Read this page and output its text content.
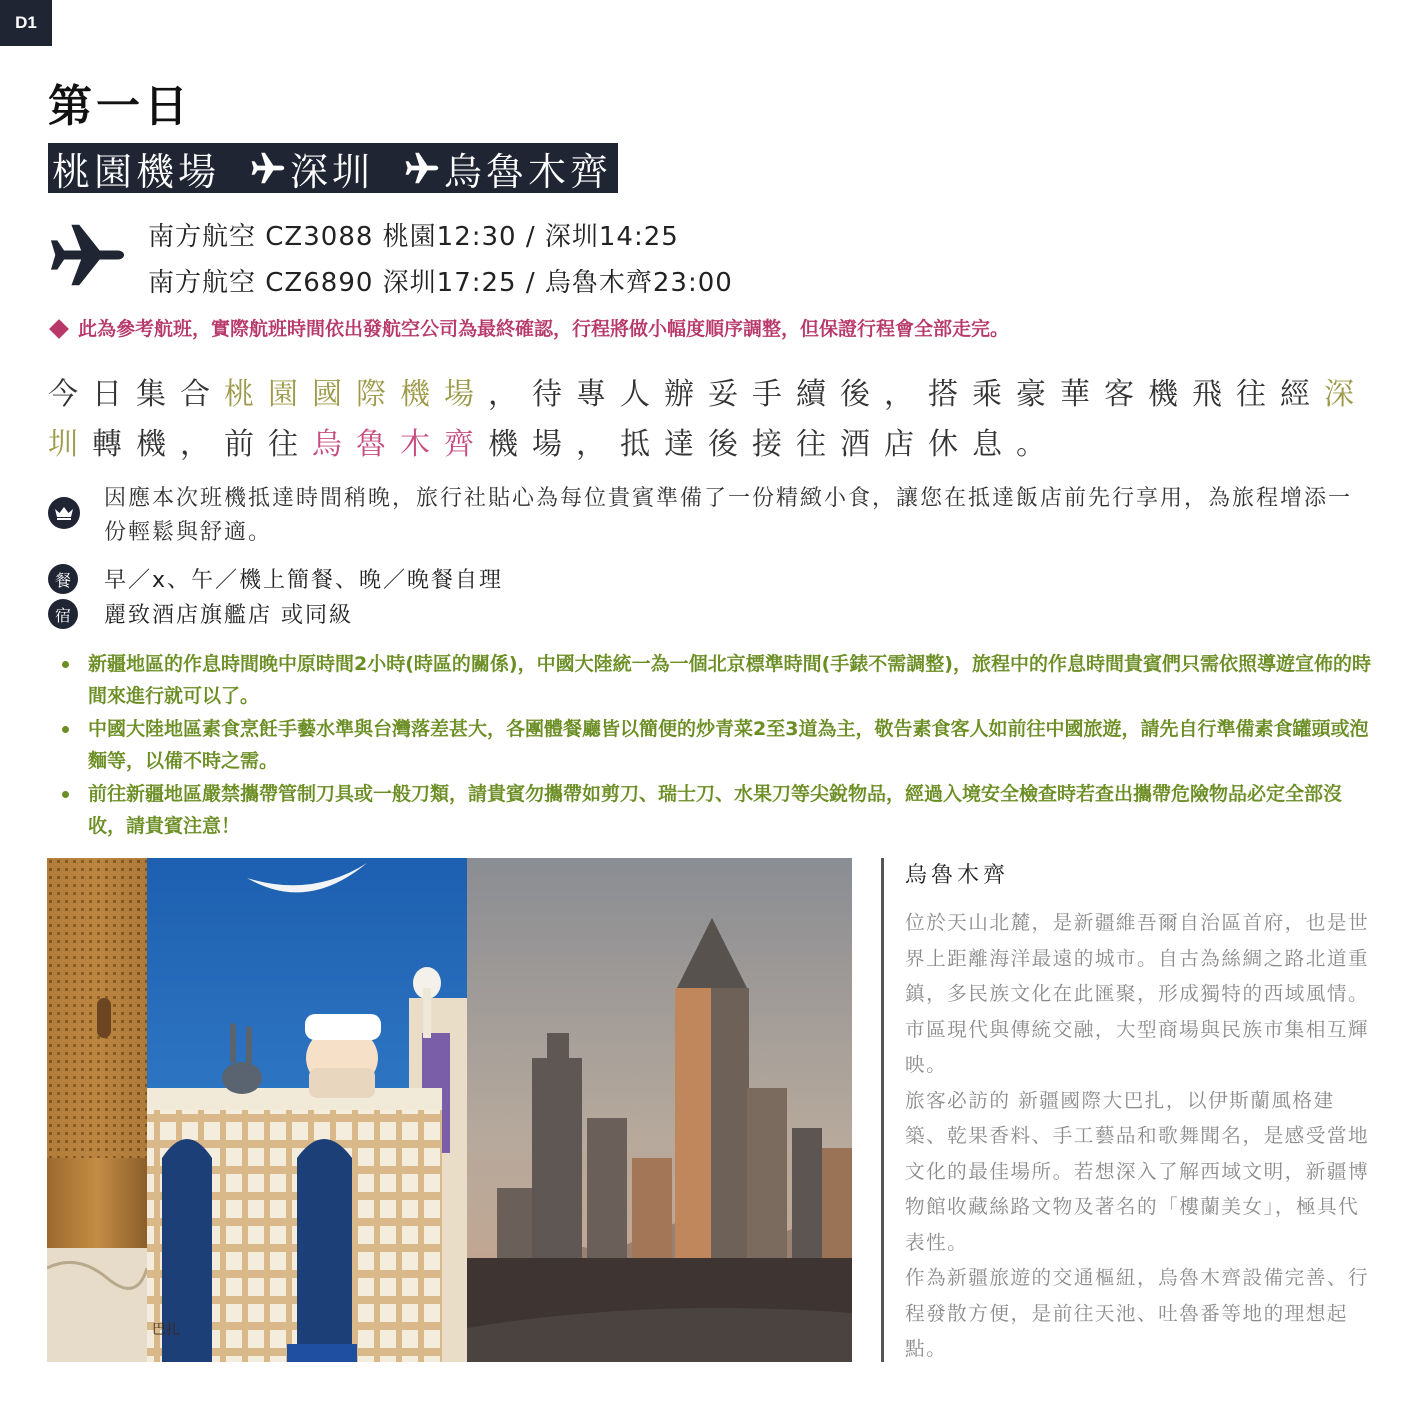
D1
第一日
桃園機場 深圳 烏魯木齊
南方航空 CZ3088 桃園12:30 / 深圳14:25
南方航空 CZ6890 深圳17:25 / 烏魯木齊23:00
此為參考航班，實際航班時間依出發航空公司為最終確認，行程將做小幅度順序調整，但保證行程會全部走完。

今日集合桃園國際機場，待專人辦妥手續後，搭乘豪華客機飛往經深圳轉機，前往烏魯木齊機場，抵達後接往酒店休息。

因應本次班機抵達時間稍晚，旅行社貼心為每位貴賓準備了一份精緻小食，讓您在抵達飯店前先行享用，為旅程增添一份輕鬆與舒適。

餐	早／x、午／機上簡餐、晚／晚餐自理
宿	麗致酒店旗艦店 或同級
新疆地區的作息時間晚中原時間2小時(時區的關係)，中國大陸統一為一個北京標準時間(手錶不需調整)，旅程中的作息時間貴賓們只需依照導遊宣佈的時間來進行就可以了。
中國大陸地區素食烹飪手藝水準與台灣落差甚大，各團體餐廳皆以簡便的炒青菜2至3道為主，敬告素食客人如前往中國旅遊，請先自行準備素食罐頭或泡麵等，以備不時之需。
前往新疆地區嚴禁攜帶管制刀具或一般刀類，請貴賓勿攜帶如剪刀、瑞士刀、水果刀等尖銳物品，經過入境安全檢查時若查出攜帶危險物品必定全部沒收，請貴賓注意！
巴扎
烏魯木齊

位於天山北麓，是新疆維吾爾自治區首府，也是世界上距離海洋最遠的城市。自古為絲綢之路北道重鎮，多民族文化在此匯聚，形成獨特的西域風情。市區現代與傳統交融，大型商場與民族市集相互輝映。

旅客必訪的 新疆國際大巴扎，以伊斯蘭風格建築、乾果香料、手工藝品和歌舞聞名，是感受當地文化的最佳場所。若想深入了解西域文明，新疆博物館收藏絲路文物及著名的「樓蘭美女」，極具代表性。

作為新疆旅遊的交通樞紐，烏魯木齊設備完善、行程發散方便，是前往天池、吐魯番等地的理想起點。
